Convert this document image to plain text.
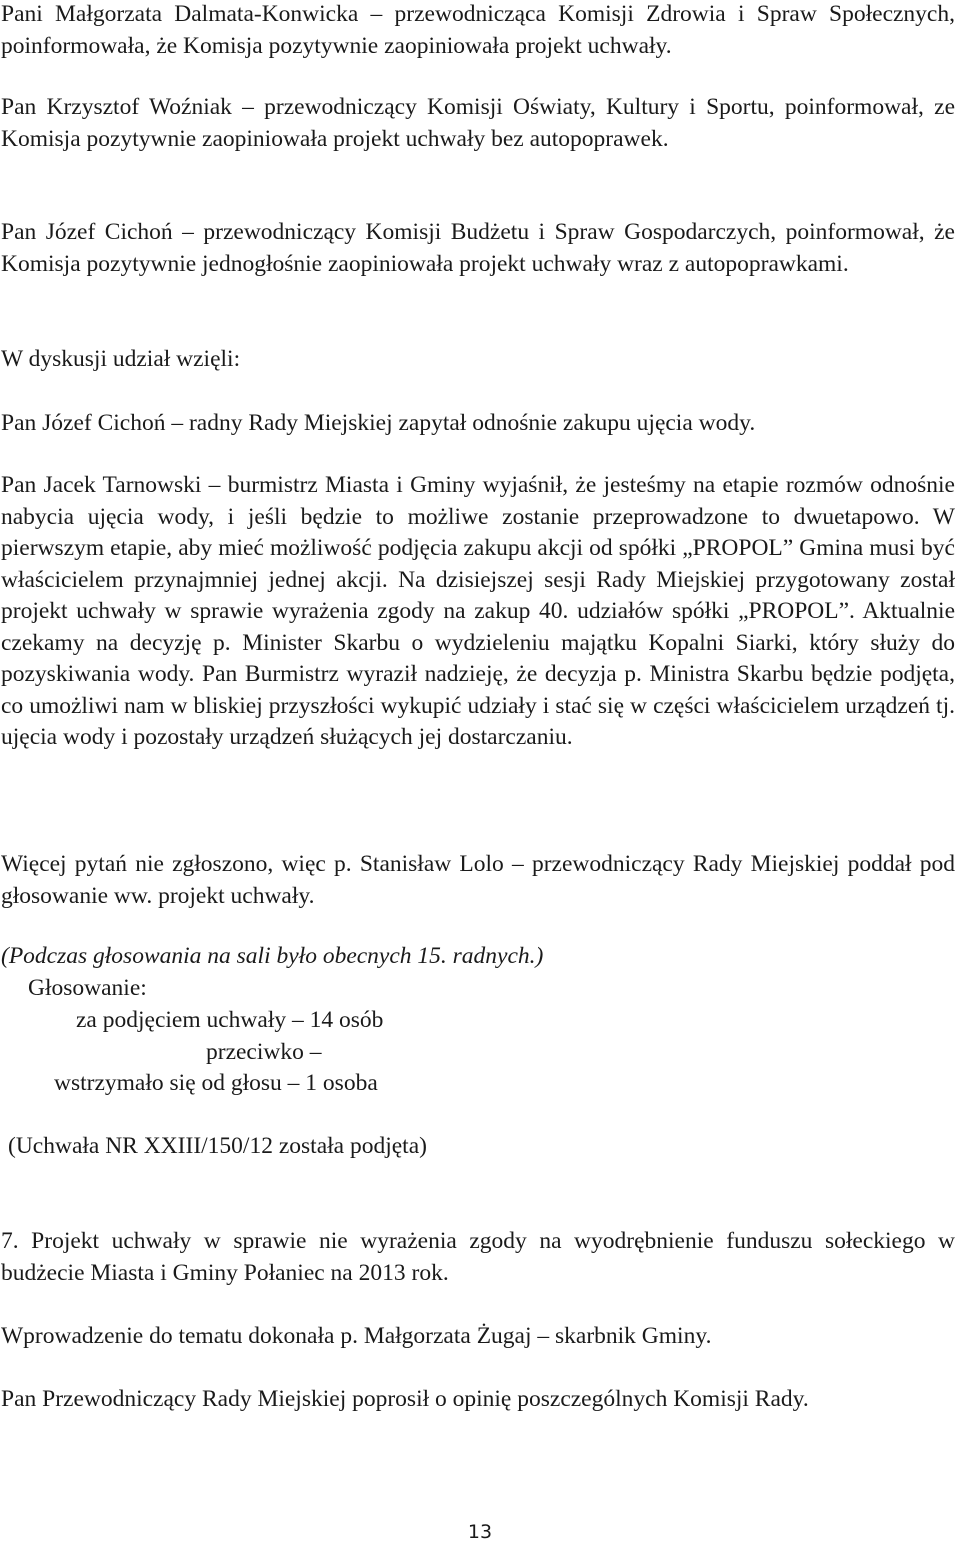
Pani Małgorzata Dalmata-Konwicka – przewodnicząca Komisji Zdrowia i Spraw Społecznych, poinformowała, że Komisja pozytywnie zaopiniowała projekt uchwały.

Pan Krzysztof Woźniak – przewodniczący Komisji Oświaty, Kultury i Sportu, poinformował, ze Komisja pozytywnie zaopiniowała projekt uchwały bez autopoprawek.

Pan Józef Cichoń – przewodniczący Komisji Budżetu i Spraw Gospodarczych, poinformował, że Komisja pozytywnie jednogłośnie zaopiniowała projekt uchwały wraz z autopoprawkami.

W dyskusji udział wzięli:

Pan Józef Cichoń – radny Rady Miejskiej zapytał odnośnie zakupu ujęcia wody.

Pan Jacek Tarnowski – burmistrz Miasta i Gminy wyjaśnił, że jesteśmy na etapie rozmów odnośnie nabycia ujęcia wody, i jeśli będzie to możliwe zostanie przeprowadzone to dwuetapowo. W pierwszym etapie, aby mieć możliwość podjęcia zakupu akcji od spółki „PROPOL” Gmina musi być właścicielem przynajmniej jednej akcji. Na dzisiejszej sesji Rady Miejskiej przygotowany został projekt uchwały w sprawie wyrażenia zgody na zakup 40. udziałów spółki „PROPOL”. Aktualnie czekamy na decyzję p. Minister Skarbu o wydzieleniu majątku Kopalni Siarki, który służy do pozyskiwania wody. Pan Burmistrz wyraził nadzieję, że decyzja p. Ministra Skarbu będzie podjęta, co umożliwi nam w bliskiej przyszłości wykupić udziały i stać się w części właścicielem urządzeń tj. ujęcia wody i pozostały urządzeń służących jej dostarczaniu.

Więcej pytań nie zgłoszono, więc p. Stanisław Lolo – przewodniczący Rady Miejskiej poddał pod głosowanie ww. projekt uchwały.

(Podczas głosowania na sali było obecnych 15. radnych.)

Głosowanie:

za podjęciem uchwały – 14 osób

przeciwko –

wstrzymało się od głosu – 1 osoba

(Uchwała NR XXIII/150/12 została podjęta)

7. Projekt uchwały w sprawie nie wyrażenia zgody na wyodrębnienie funduszu sołeckiego w budżecie Miasta i Gminy Połaniec na 2013 rok.

Wprowadzenie do tematu dokonała p. Małgorzata Żugaj – skarbnik Gminy.

Pan Przewodniczący Rady Miejskiej poprosił o opinię poszczególnych Komisji Rady.

13
